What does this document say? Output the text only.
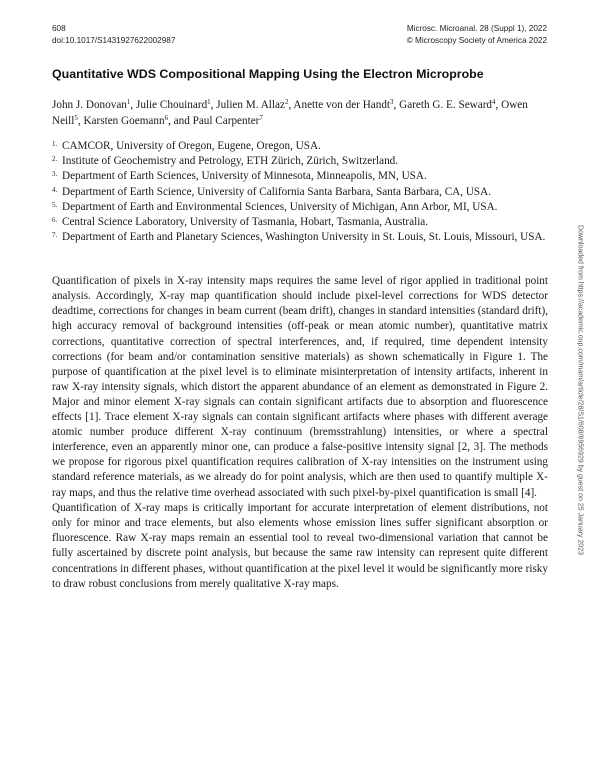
608
doi:10.1017/S1431927622002987
Microsc. Microanal. 28 (Suppl 1), 2022
© Microscopy Society of America 2022
Quantitative WDS Compositional Mapping Using the Electron Microprobe
John J. Donovan$^1$, Julie Chouinard$^1$, Julien M. Allaz$^2$, Anette von der Handt$^3$, Gareth G. E. Seward$^4$, Owen Neill$^5$, Karsten Goemann$^6$, and Paul Carpenter$^7$
1. CAMCOR, University of Oregon, Eugene, Oregon, USA.
2. Institute of Geochemistry and Petrology, ETH Zürich, Zürich, Switzerland.
3. Department of Earth Sciences, University of Minnesota, Minneapolis, MN, USA.
4. Department of Earth Science, University of California Santa Barbara, Santa Barbara, CA, USA.
5. Department of Earth and Environmental Sciences, University of Michigan, Ann Arbor, MI, USA.
6. Central Science Laboratory, University of Tasmania, Hobart, Tasmania, Australia.
7. Department of Earth and Planetary Sciences, Washington University in St. Louis, St. Louis, Missouri, USA.

Quantification of pixels in X-ray intensity maps requires the same level of rigor applied in traditional point analysis. Accordingly, X-ray map quantification should include pixel-level corrections for WDS detector deadtime, corrections for changes in beam current (beam drift), changes in standard intensities (standard drift), high accuracy removal of background intensities (off-peak or mean atomic number), quantitative matrix corrections, quantitative correction of spectral interferences, and, if required, time dependent intensity corrections (for beam and/or contamination sensitive materials) as shown schematically in Figure 1. The purpose of quantification at the pixel level is to eliminate misinterpretation of intensity artifacts, inherent in raw X-ray intensity signals, which distort the apparent abundance of an element as demonstrated in Figure 2. Major and minor element X-ray signals can contain significant artifacts due to absorption and fluorescence effects [1]. Trace element X-ray signals can contain significant artifacts where phases with different average atomic number produce different X-ray continuum (bremsstrahlung) intensities, or where a spectral interference, even an apparently minor one, can produce a false-positive intensity signal [2, 3]. The methods we propose for rigorous pixel quantification requires calibration of X-ray intensities on the instrument using standard reference materials, as we already do for point analysis, which are then used to quantify multiple X-ray maps, and thus the relative time overhead associated with such pixel-by-pixel quantification is small [4].

Quantification of X-ray maps is critically important for accurate interpretation of element distributions, not only for minor and trace elements, but also elements whose emission lines suffer significant absorption or fluorescence. Raw X-ray maps remain an essential tool to reveal two-dimensional variation that cannot be fully ascertained by discrete point analysis, but because the same raw intensity can represent quite different concentrations in different phases, without quantification at the pixel level it would be significantly more risky to draw robust conclusions from merely qualitative X-ray maps.

Downloaded from https://academic.oup.com/mam/article/28/S1/608/6956929 by guest on 25 January 2023
